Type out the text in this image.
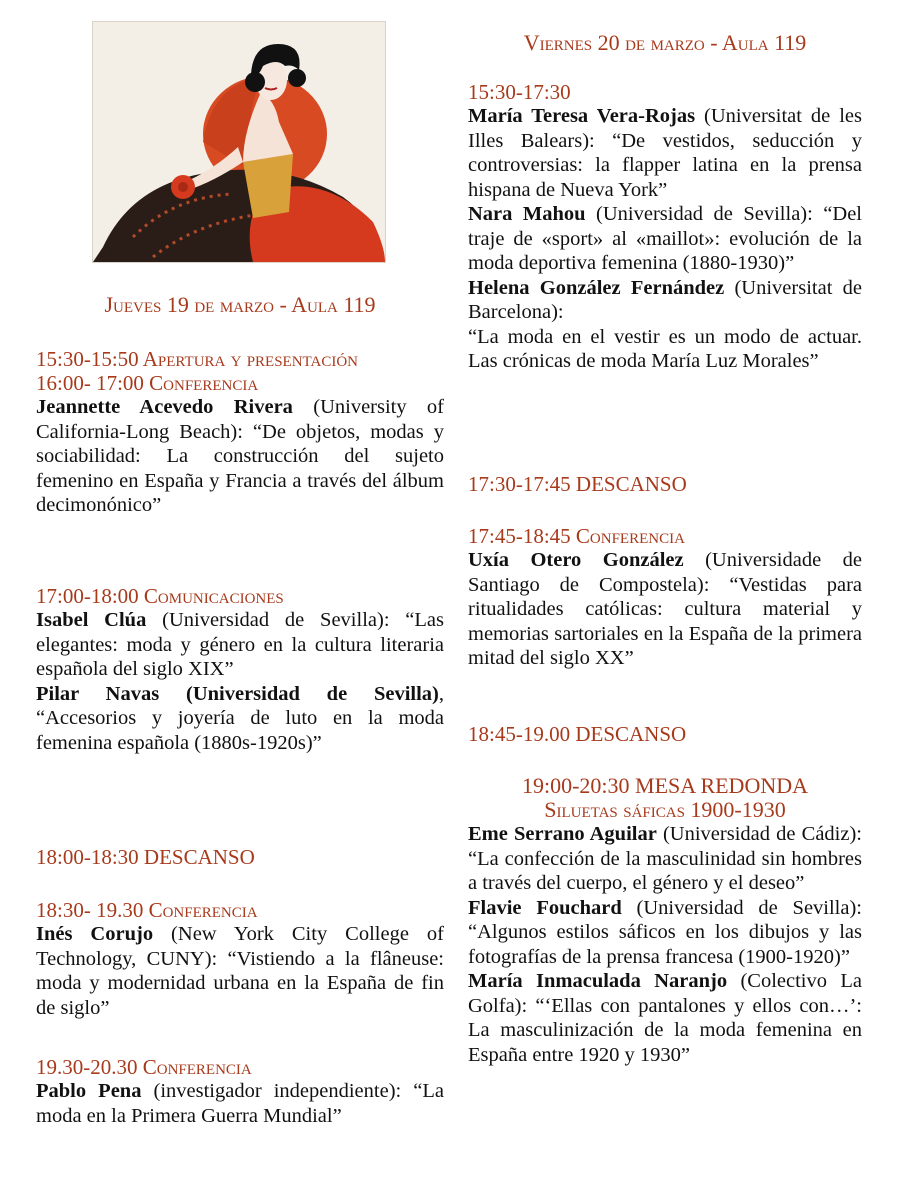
Jueves 19 de marzo - Aula 119
15:30-15:50 Apertura y presentación
16:00- 17:00 Conferencia
Jeannette Acevedo Rivera (University of California-Long Beach): “De objetos, modas y sociabilidad: La construcción del sujeto femenino en España y Francia a través del álbum decimonónico”
17:00-18:00 Comunicaciones
Isabel Clúa (Universidad de Sevilla): “Las elegantes: moda y género en la cultura literaria española del siglo XIX”
Pilar Navas (Universidad de Sevilla), “Accesorios y joyería de luto en la moda femenina española (1880s-1920s)”
18:00-18:30 DESCANSO
18:30- 19.30 Conferencia
Inés Corujo (New York City College of Technology, CUNY): “Vistiendo a la flâneuse: moda y modernidad urbana en la España de fin de siglo”
19.30-20.30 Conferencia
Pablo Pena (investigador independiente): “La moda en la Primera Guerra Mundial”
Viernes 20 de marzo - Aula 119
15:30-17:30
María Teresa Vera-Rojas (Universitat de les Illes Balears): “De vestidos, seducción y controversias: la flapper latina en la prensa hispana de Nueva York”
Nara Mahou (Universidad de Sevilla): “Del traje de «sport» al «maillot»: evolución de la moda deportiva femenina (1880-1930)”
Helena González Fernández (Universitat de Barcelona):
“La moda en el vestir es un modo de actuar. Las crónicas de moda María Luz Morales”
17:30-17:45 DESCANSO
17:45-18:45 Conferencia
Uxía Otero González (Universidade de Santiago de Compostela): “Vestidas para ritualidades católicas: cultura material y memorias sartoriales en la España de la primera mitad del siglo XX”
18:45-19.00 DESCANSO
19:00-20:30 MESA REDONDA
Siluetas sáficas 1900-1930
Eme Serrano Aguilar (Universidad de Cádiz): “La confección de la masculinidad sin hombres a través del cuerpo, el género y el deseo”
Flavie Fouchard (Universidad de Sevilla): “Algunos estilos sáficos en los dibujos y las fotografías de la prensa francesa (1900-1920)”
María Inmaculada Naranjo (Colectivo La Golfa): “‘Ellas con pantalones y ellos con…’: La masculinización de la moda femenina en España entre 1920 y 1930”
